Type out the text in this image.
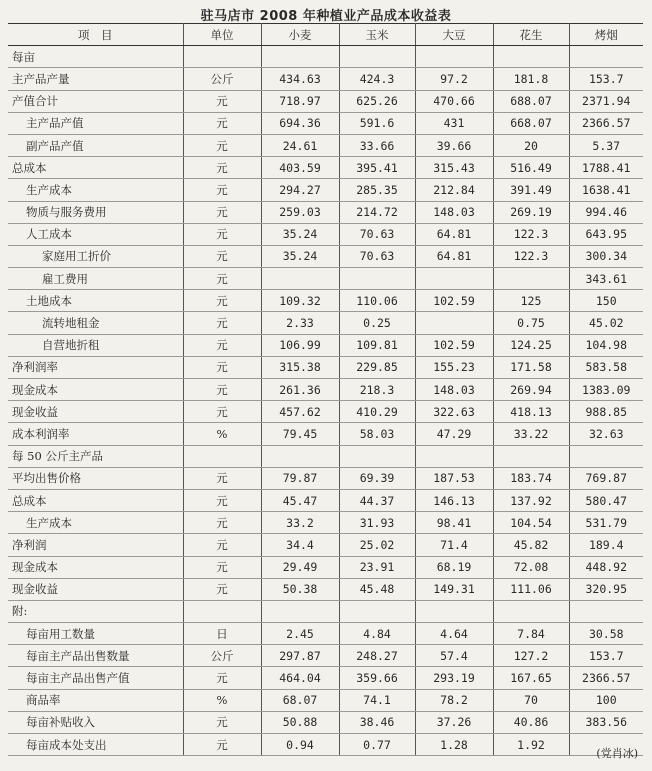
驻马店市 2008 年种植业产品成本收益表
项　目	单位	小麦	玉米	大豆	花生	烤烟
每亩						
主产品产量	公斤	434.63	424.3	97.2	181.8	153.7
产值合计	元	718.97	625.26	470.66	688.07	2371.94
主产品产值	元	694.36	591.6	431	668.07	2366.57
副产品产值	元	24.61	33.66	39.66	20	5.37
总成本	元	403.59	395.41	315.43	516.49	1788.41
生产成本	元	294.27	285.35	212.84	391.49	1638.41
物质与服务费用	元	259.03	214.72	148.03	269.19	994.46
人工成本	元	35.24	70.63	64.81	122.3	643.95
家庭用工折价	元	35.24	70.63	64.81	122.3	300.34
雇工费用	元					343.61
土地成本	元	109.32	110.06	102.59	125	150
流转地租金	元	2.33	0.25		0.75	45.02
自营地折租	元	106.99	109.81	102.59	124.25	104.98
净利润率	元	315.38	229.85	155.23	171.58	583.58
现金成本	元	261.36	218.3	148.03	269.94	1383.09
现金收益	元	457.62	410.29	322.63	418.13	988.85
成本利润率	%	79.45	58.03	47.29	33.22	32.63
每 50 公斤主产品						
平均出售价格	元	79.87	69.39	187.53	183.74	769.87
总成本	元	45.47	44.37	146.13	137.92	580.47
生产成本	元	33.2	31.93	98.41	104.54	531.79
净利润	元	34.4	25.02	71.4	45.82	189.4
现金成本	元	29.49	23.91	68.19	72.08	448.92
现金收益	元	50.38	45.48	149.31	111.06	320.95
附:						
每亩用工数量	日	2.45	4.84	4.64	7.84	30.58
每亩主产品出售数量	公斤	297.87	248.27	57.4	127.2	153.7
每亩主产品出售产值	元	464.04	359.66	293.19	167.65	2366.57
商品率	%	68.07	74.1	78.2	70	100
每亩补贴收入	元	50.88	38.46	37.26	40.86	383.56
每亩成本处支出	元	0.94	0.77	1.28	1.92	
(党肖冰)
